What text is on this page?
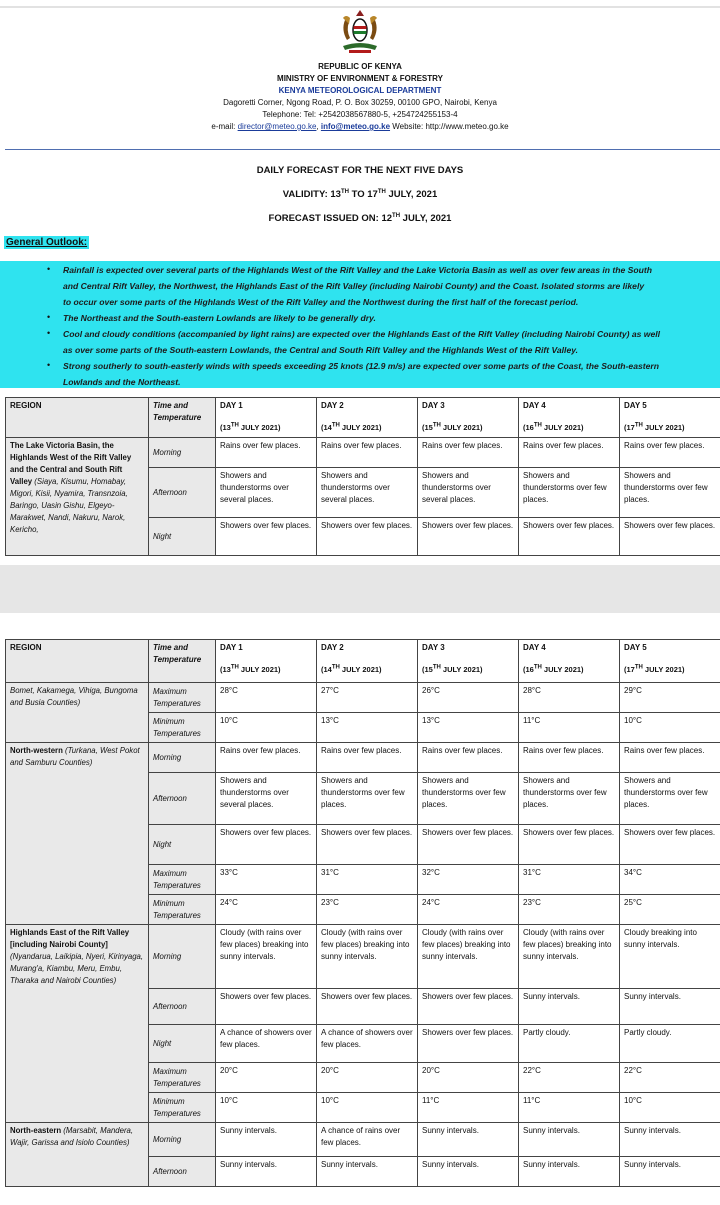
REPUBLIC OF KENYA
MINISTRY OF ENVIRONMENT & FORESTRY
KENYA METEOROLOGICAL DEPARTMENT
Dagoretti Corner, Ngong Road, P. O. Box 30259, 00100 GPO, Nairobi, Kenya
Telephone: Tel: +2542038567880-5, +254724255153-4
e-mail: director@meteo.go.ke, info@meteo.go.ke Website: http://www.meteo.go.ke
DAILY FORECAST FOR THE NEXT FIVE DAYS
VALIDITY: 13TH TO 17TH JULY, 2021
FORECAST ISSUED ON: 12TH JULY, 2021
General Outlook:
•
•
•
•
Rainfall is expected over several parts of the Highlands West of the Rift Valley and the Lake Victoria Basin as well as over few areas in the South
and Central Rift Valley, the Northwest, the Highlands East of the Rift Valley (including Nairobi County) and the Coast. Isolated storms are likely
to occur over some parts of the Highlands West of the Rift Valley and the Northwest during the first half of the forecast period.
The Northeast and the South-eastern Lowlands are likely to be generally dry.
Cool and cloudy conditions (accompanied by light rains) are expected over the Highlands East of the Rift Valley (including Nairobi County) as well
as over some parts of the South-eastern Lowlands, the Central and South Rift Valley and the Highlands West of the Rift Valley.
Strong southerly to south-easterly winds with speeds exceeding 25 knots (12.9 m/s) are expected over some parts of the Coast, the South-eastern
Lowlands and the Northeast.
REGION	Time and Temperature	DAY 1
(13TH JULY 2021)	DAY 2
(14TH JULY 2021)	DAY 3
(15TH JULY 2021)	DAY 4
(16TH JULY 2021)	DAY 5
(17TH JULY 2021)

The Lake Victoria Basin, the Highlands West of the Rift Valley and the Central and South Rift Valley (Siaya, Kisumu, Homabay, Migori, Kisii, Nyamira, Transnzoia, Baringo, Uasin Gishu, Elgeyo-Marakwet, Nandi, Nakuru, Narok, Kericho,	Morning	Rains over few places.	Rains over few places.	Rains over few places.	Rains over few places.	Rains over few places.
	Afternoon	Showers and thunderstorms over several places.	Showers and thunderstorms over several places.	Showers and thunderstorms over several places.	Showers and thunderstorms over few places.	Showers and thunderstorms over few places.
	Night	Showers over few places.	Showers over few places.	Showers over few places.	Showers over few places.	Showers over few places.
REGION	Time and Temperature	DAY 1
(13TH JULY 2021)	DAY 2
(14TH JULY 2021)	DAY 3
(15TH JULY 2021)	DAY 4
(16TH JULY 2021)	DAY 5
(17TH JULY 2021)

Bomet, Kakamega, Vihiga, Bungoma and Busia Counties)	Maximum Temperatures	28°C	27°C	26°C	28°C	29°C
	Minimum Temperatures	10°C	13°C	13°C	11°C	10°C
North-western (Turkana, West Pokot and Samburu Counties)	Morning	Rains over few places.	Rains over few places.	Rains over few places.	Rains over few places.	Rains over few places.
	Afternoon	Showers and thunderstorms over several places.	Showers and thunderstorms over few places.	Showers and thunderstorms over few places.	Showers and thunderstorms over few places.	Showers and thunderstorms over few places.
	Night	Showers over few places.	Showers over few places.	Showers over few places.	Showers over few places.	Showers over few places.
	Maximum Temperatures	33°C	31°C	32°C	31°C	34°C
	Minimum Temperatures	24°C	23°C	24°C	23°C	25°C
Highlands East of the Rift Valley [including Nairobi County] (Nyandarua, Laikipia, Nyeri, Kirinyaga, Murang'a, Kiambu, Meru, Embu, Tharaka and Nairobi Counties)	Morning	Cloudy (with rains over few places) breaking into sunny intervals.	Cloudy (with rains over few places) breaking into sunny intervals.	Cloudy (with rains over few places) breaking into sunny intervals.	Cloudy (with rains over few places) breaking into sunny intervals.	Cloudy breaking into sunny intervals.
	Afternoon	Showers over few places.	Showers over few places.	Showers over few places.	Sunny intervals.	Sunny intervals.
	Night	A chance of showers over few places.	A chance of showers over few places.	Showers over few places.	Partly cloudy.	Partly cloudy.
	Maximum Temperatures	20°C	20°C	20°C	22°C	22°C
	Minimum Temperatures	10°C	10°C	11°C	11°C	10°C
North-eastern (Marsabit, Mandera, Wajir, Garissa and Isiolo Counties)	Morning	Sunny intervals.	A chance of rains over few places.	Sunny intervals.	Sunny intervals.	Sunny intervals.
	Afternoon	Sunny intervals.	Sunny intervals.	Sunny intervals.	Sunny intervals.	Sunny intervals.
